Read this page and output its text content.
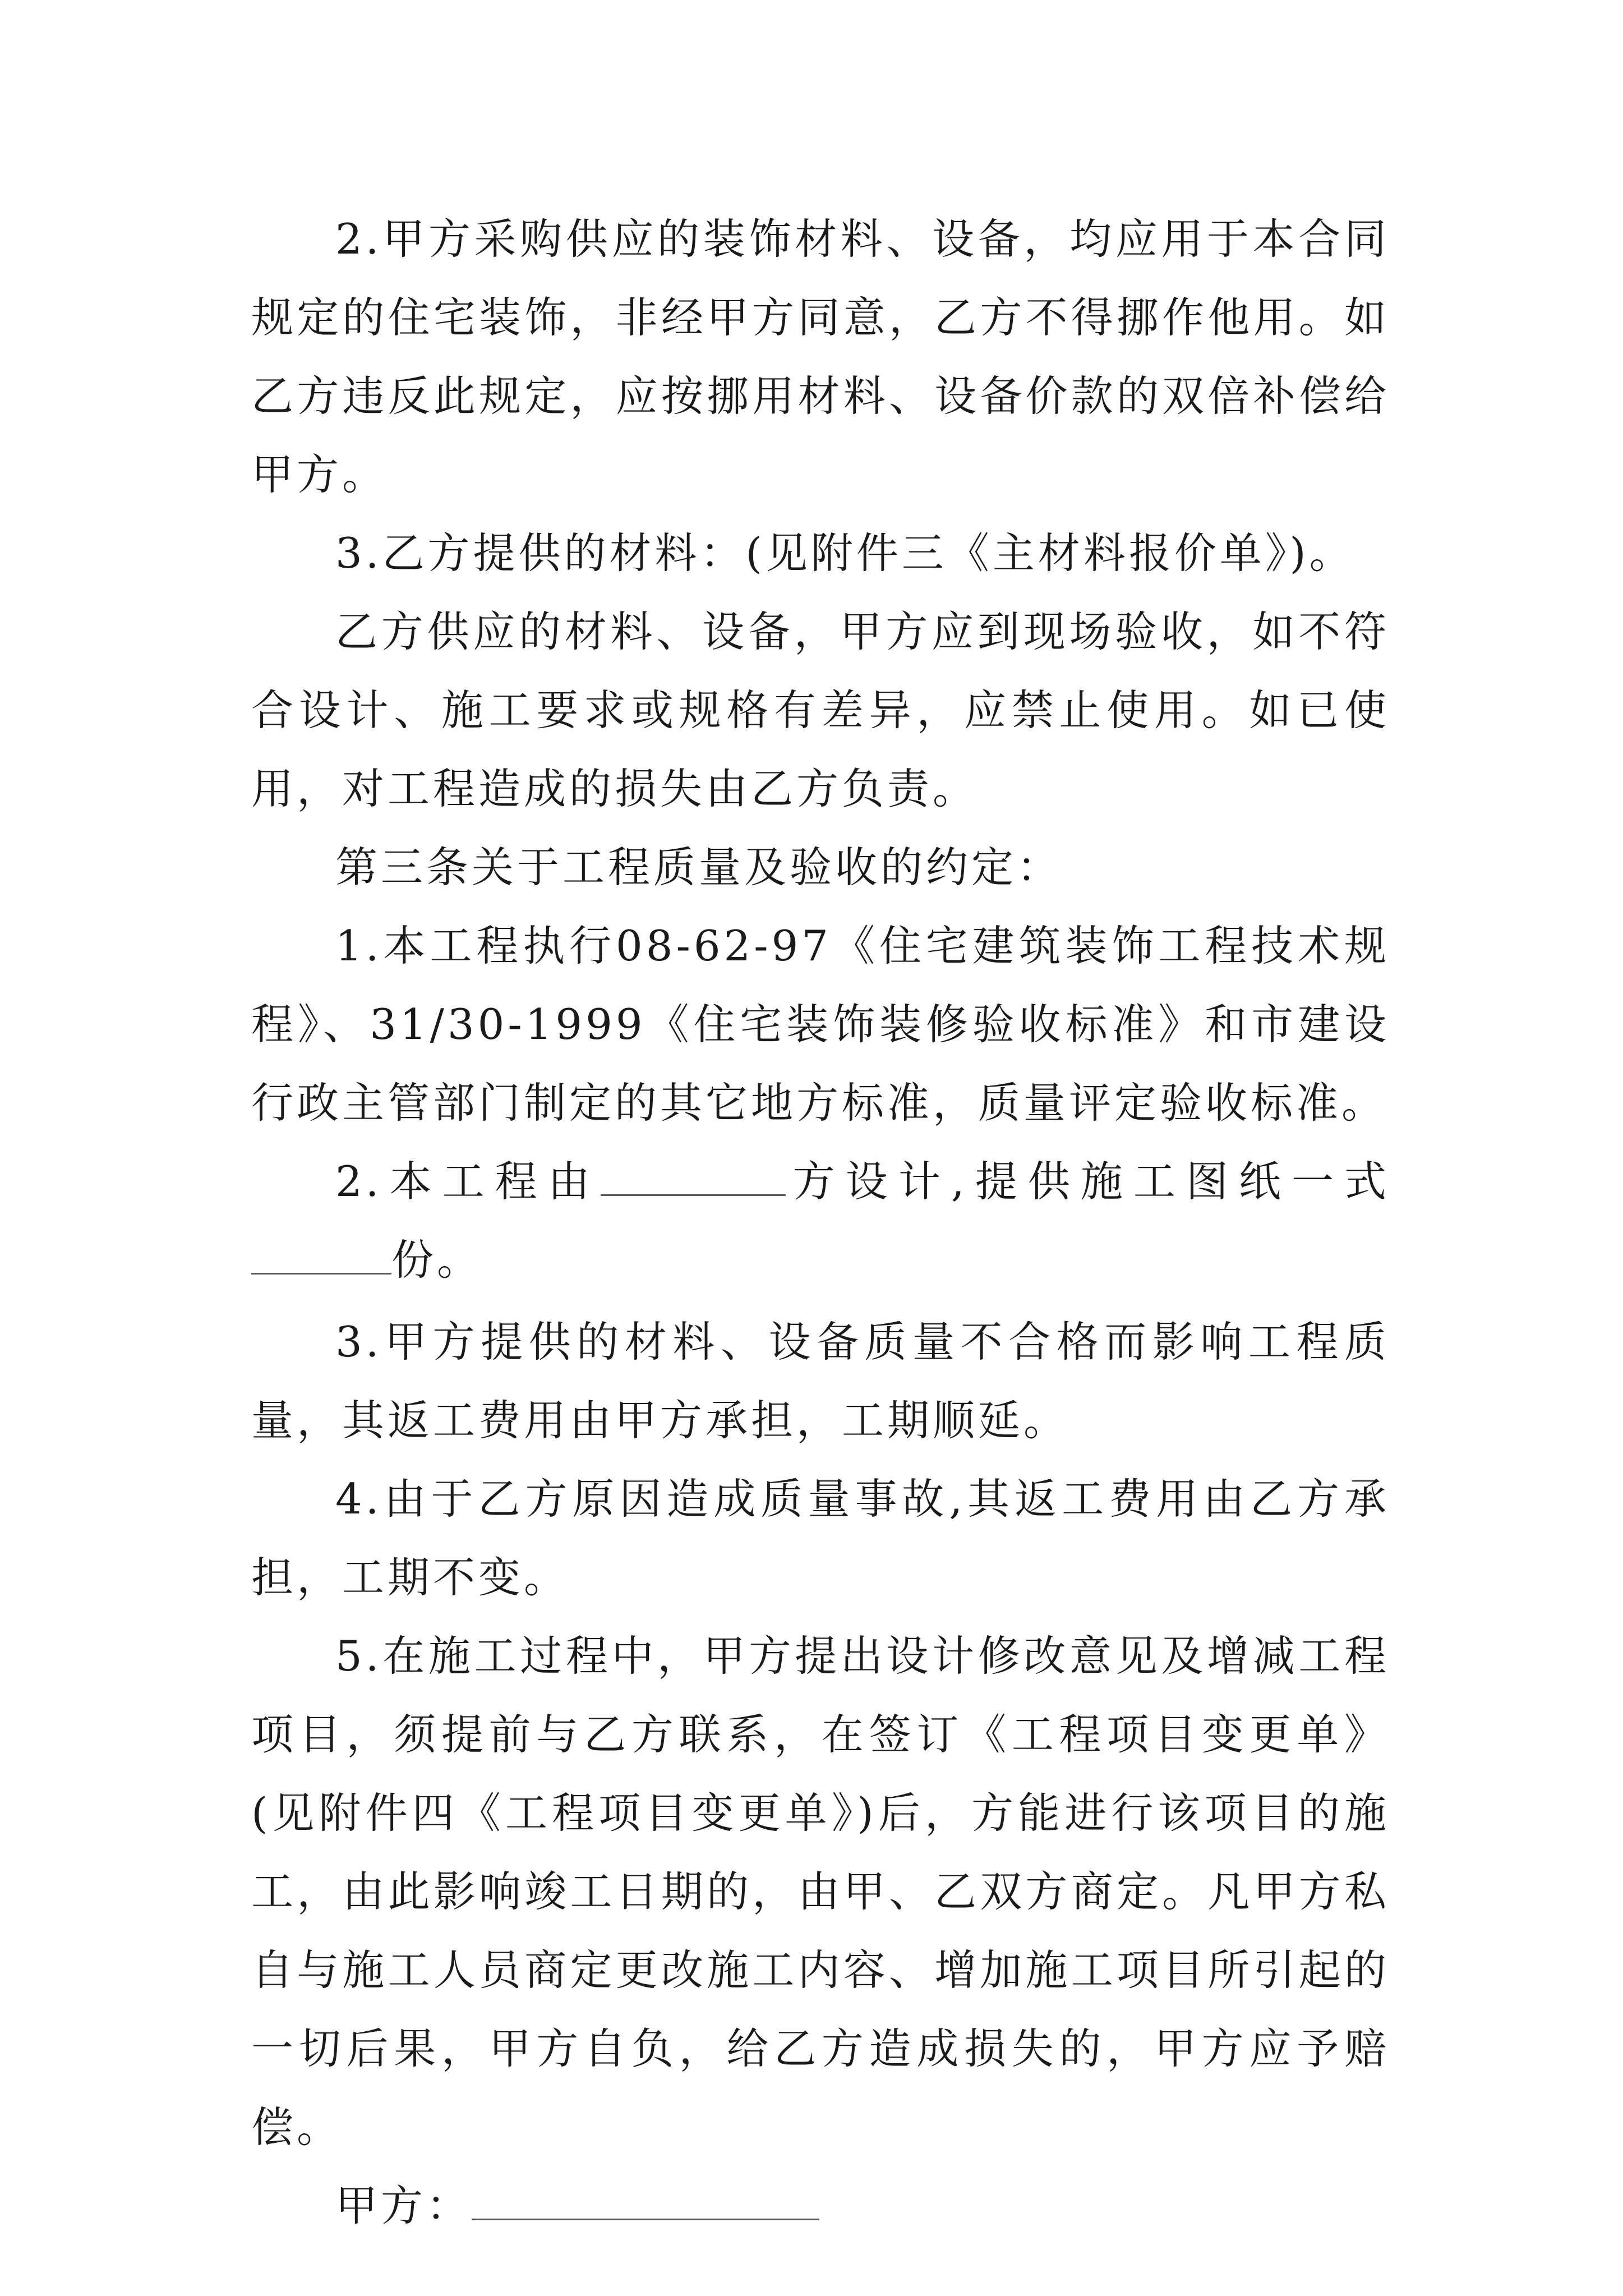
2.甲方采购供应的装饰材料、设备，均应用于本合同规定的住宅装饰，非经甲方同意，乙方不得挪作他用。如乙方违反此规定，应按挪用材料、设备价款的双倍补偿给甲方。

3.乙方提供的材料：(见附件三《主材料报价单》)。

乙方供应的材料、设备，甲方应到现场验收，如不符合设计、施工要求或规格有差异，应禁止使用。如已使用，对工程造成的损失由乙方负责。

第三条关于工程质量及验收的约定：

1.本工程执行08-62-97《住宅建筑装饰工程技术规程》、31/30-1999《住宅装饰装修验收标准》和市建设行政主管部门制定的其它地方标准，质量评定验收标准。

2.本工程由	方设计,提供施工图纸一式份。

3.甲方提供的材料、设备质量不合格而影响工程质量，其返工费用由甲方承担，工期顺延。

4.由于乙方原因造成质量事故,其返工费用由乙方承担，工期不变。

5.在施工过程中，甲方提出设计修改意见及增减工程项目，须提前与乙方联系，在签订《工程项目变更单》(见附件四《工程项目变更单》)后，方能进行该项目的施工，由此影响竣工日期的，由甲、乙双方商定。凡甲方私自与施工人员商定更改施工内容、增加施工项目所引起的一切后果，甲方自负，给乙方造成损失的，甲方应予赔偿。

甲方：
